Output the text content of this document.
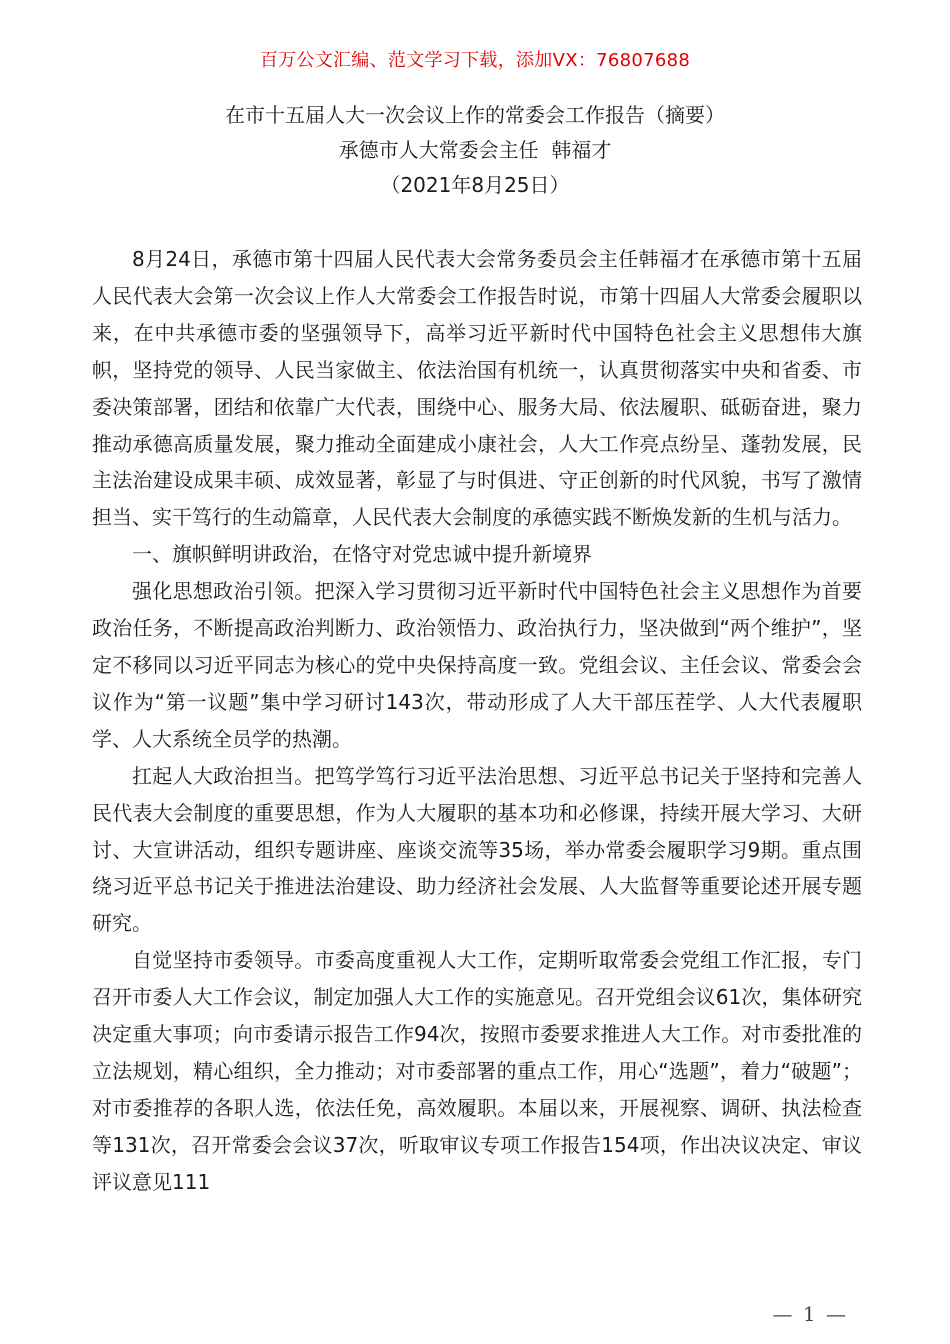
百万公文汇编、范文学习下载，添加VX：76807688
在市十五届人大一次会议上作的常委会工作报告（摘要）
承德市人大常委会主任  韩福才
（2021年8月25日）

8月24日，承德市第十四届人民代表大会常务委员会主任韩福才在承德市第十五届人民代表大会第一次会议上作人大常委会工作报告时说，市第十四届人大常委会履职以来，在中共承德市委的坚强领导下，高举习近平新时代中国特色社会主义思想伟大旗帜，坚持党的领导、人民当家做主、依法治国有机统一，认真贯彻落实中央和省委、市委决策部署，团结和依靠广大代表，围绕中心、服务大局、依法履职、砥砺奋进，聚力推动承德高质量发展，聚力推动全面建成小康社会，人大工作亮点纷呈、蓬勃发展，民主法治建设成果丰硕、成效显著，彰显了与时俱进、守正创新的时代风貌，书写了激情担当、实干笃行的生动篇章，人民代表大会制度的承德实践不断焕发新的生机与活力。

一、旗帜鲜明讲政治，在恪守对党忠诚中提升新境界

强化思想政治引领。把深入学习贯彻习近平新时代中国特色社会主义思想作为首要政治任务，不断提高政治判断力、政治领悟力、政治执行力，坚决做到“两个维护”，坚定不移同以习近平同志为核心的党中央保持高度一致。党组会议、主任会议、常委会会议作为“第一议题”集中学习研讨143次，带动形成了人大干部压茬学、人大代表履职学、人大系统全员学的热潮。

扛起人大政治担当。把笃学笃行习近平法治思想、习近平总书记关于坚持和完善人民代表大会制度的重要思想，作为人大履职的基本功和必修课，持续开展大学习、大研讨、大宣讲活动，组织专题讲座、座谈交流等35场，举办常委会履职学习9期。重点围绕习近平总书记关于推进法治建设、助力经济社会发展、人大监督等重要论述开展专题研究。

自觉坚持市委领导。市委高度重视人大工作，定期听取常委会党组工作汇报，专门召开市委人大工作会议，制定加强人大工作的实施意见。召开党组会议61次，集体研究决定重大事项；向市委请示报告工作94次，按照市委要求推进人大工作。对市委批准的立法规划，精心组织，全力推动；对市委部署的重点工作，用心“选题”，着力“破题”；对市委推荐的各职人选，依法任免，高效履职。本届以来，开展视察、调研、执法检查等131次，召开常委会会议37次，听取审议专项工作报告154项，作出决议决定、审议评议意见111

— 1 —
